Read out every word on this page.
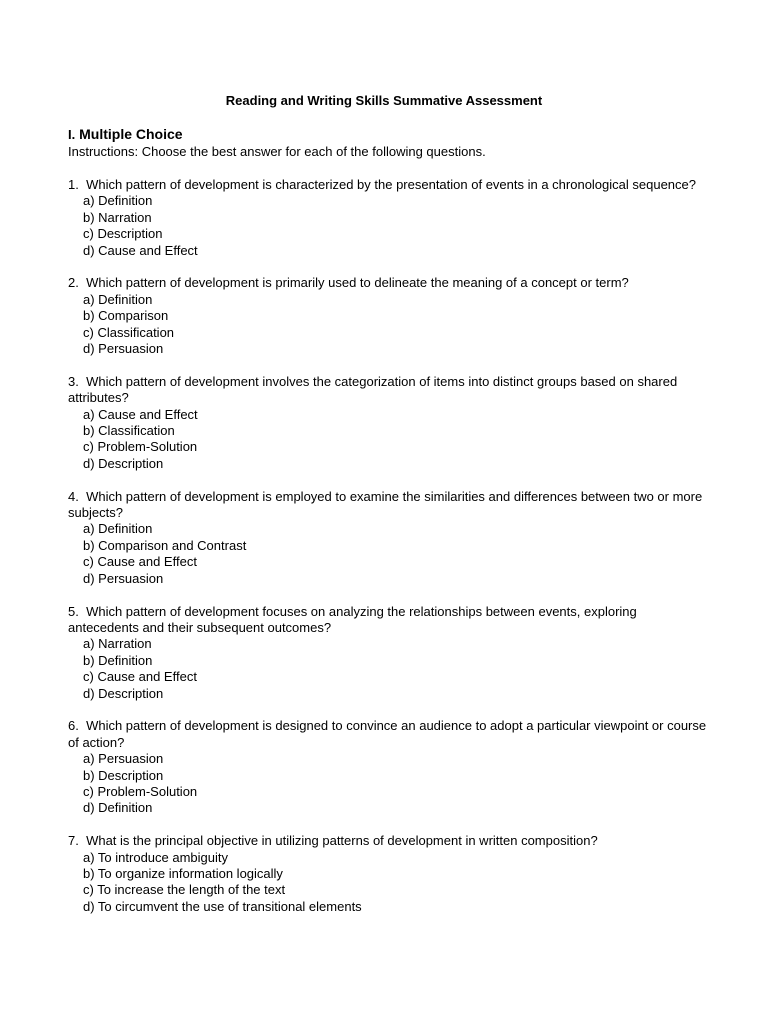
Reading and Writing Skills Summative Assessment
I. Multiple Choice
Instructions: Choose the best answer for each of the following questions.
1. Which pattern of development is characterized by the presentation of events in a chronological sequence?
a) Definition
b) Narration
c) Description
d) Cause and Effect
2. Which pattern of development is primarily used to delineate the meaning of a concept or term?
a) Definition
b) Comparison
c) Classification
d) Persuasion
3. Which pattern of development involves the categorization of items into distinct groups based on shared attributes?
a) Cause and Effect
b) Classification
c) Problem-Solution
d) Description
4. Which pattern of development is employed to examine the similarities and differences between two or more subjects?
a) Definition
b) Comparison and Contrast
c) Cause and Effect
d) Persuasion
5. Which pattern of development focuses on analyzing the relationships between events, exploring antecedents and their subsequent outcomes?
a) Narration
b) Definition
c) Cause and Effect
d) Description
6. Which pattern of development is designed to convince an audience to adopt a particular viewpoint or course of action?
a) Persuasion
b) Description
c) Problem-Solution
d) Definition
7. What is the principal objective in utilizing patterns of development in written composition?
a) To introduce ambiguity
b) To organize information logically
c) To increase the length of the text
d) To circumvent the use of transitional elements
